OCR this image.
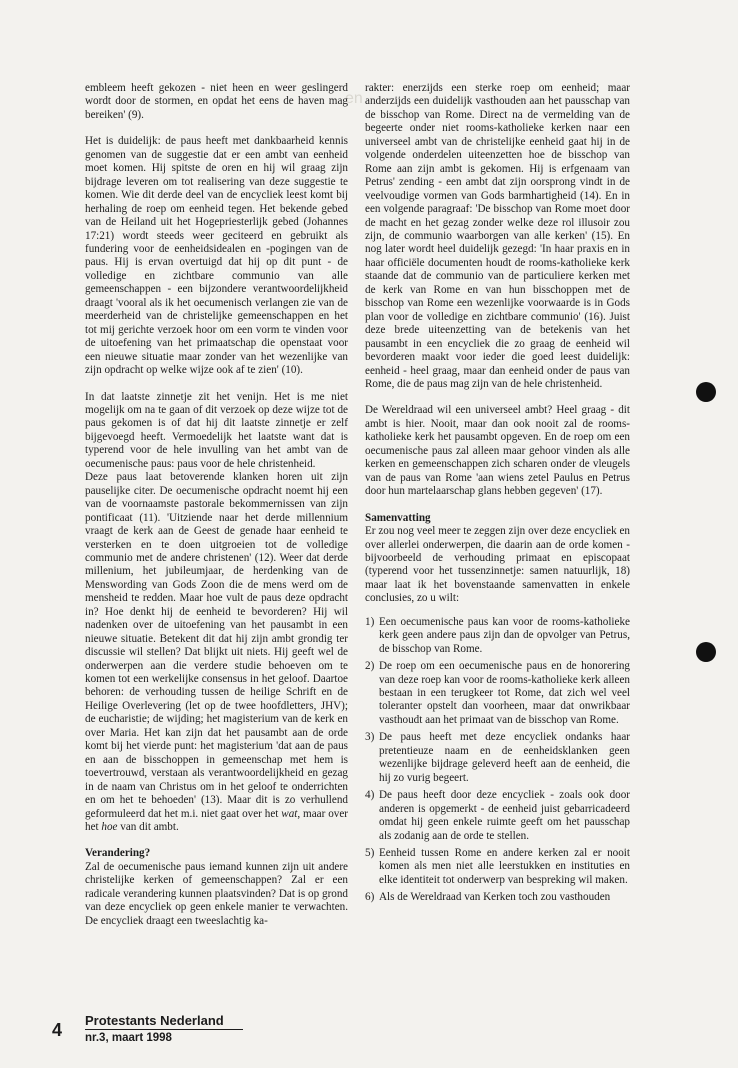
en

embleem heeft gekozen - niet heen en weer geslingerd wordt door de stormen, en opdat het eens de haven mag bereiken' (9).

Het is duidelijk: de paus heeft met dankbaarheid kennis genomen van de suggestie dat er een ambt van eenheid moet komen. Hij spitste de oren en hij wil graag zijn bijdrage leveren om tot realisering van deze suggestie te komen. Wie dit derde deel van de encycliek leest komt bij herhaling de roep om eenheid tegen. Het bekende gebed van de Heiland uit het Hogepriesterlijk gebed (Johannes 17:21) wordt steeds weer geciteerd en gebruikt als fundering voor de eenheidsidealen en -pogingen van de paus. Hij is ervan overtuigd dat hij op dit punt - de volledige en zichtbare communio van alle gemeenschappen - een bijzondere verantwoordelijkheid draagt 'vooral als ik het oecumenisch verlangen zie van de meerderheid van de christelijke gemeenschappen en het tot mij gerichte verzoek hoor om een vorm te vinden voor de uitoefening van het primaatschap die openstaat voor een nieuwe situatie maar zonder van het wezenlijke van zijn opdracht op welke wijze ook af te zien' (10).

In dat laatste zinnetje zit het venijn. Het is me niet mogelijk om na te gaan of dit verzoek op deze wijze tot de paus gekomen is of dat hij dit laatste zinnetje er zelf bijgevoegd heeft. Vermoedelijk het laatste want dat is typerend voor de hele invulling van het ambt van de oecumenische paus: paus voor de hele christenheid.

Deze paus laat betoverende klanken horen uit zijn pauselijke citer. De oecumenische opdracht noemt hij een van de voornaamste pastorale bekommernissen van zijn pontificaat (11). 'Uitziende naar het derde millennium vraagt de kerk aan de Geest de genade haar eenheid te versterken en te doen uitgroeien tot de volledige communio met de andere christenen' (12). Weer dat derde millenium, het jubileumjaar, de herdenking van de Menswording van Gods Zoon die de mens werd om de mensheid te redden. Maar hoe vult de paus deze opdracht in? Hoe denkt hij de eenheid te bevorderen? Hij wil nadenken over de uitoefening van het pausambt in een nieuwe situatie. Betekent dit dat hij zijn ambt grondig ter discussie wil stellen? Dat blijkt uit niets. Hij geeft wel de onderwerpen aan die verdere studie behoeven om te komen tot een werkelijke consensus in het geloof. Daartoe behoren: de verhouding tussen de heilige Schrift en de Heilige Overlevering (let op de twee hoofdletters, JHV); de eucharistie; de wijding; het magisterium van de kerk en over Maria. Het kan zijn dat het pausambt aan de orde komt bij het vierde punt: het magisterium 'dat aan de paus en aan de bisschoppen in gemeenschap met hem is toevertrouwd, verstaan als verantwoordelijkheid en gezag in de naam van Christus om in het geloof te onderrichten en om het te behoeden' (13). Maar dit is zo verhullend geformuleerd dat het m.i. niet gaat over het wat, maar over het hoe van dit ambt.

Verandering?

Zal de oecumenische paus iemand kunnen zijn uit andere christelijke kerken of gemeenschappen? Zal er een radicale verandering kunnen plaatsvinden? Dat is op grond van deze encycliek op geen enkele manier te verwachten. De encycliek draagt een tweeslachtig ka-

rakter: enerzijds een sterke roep om eenheid; maar anderzijds een duidelijk vasthouden aan het pausschap van de bisschop van Rome. Direct na de vermelding van de begeerte onder niet rooms-katholieke kerken naar een universeel ambt van de christelijke eenheid gaat hij in de volgende onderdelen uiteenzetten hoe de bisschop van Rome aan zijn ambt is gekomen. Hij is erfgenaam van Petrus' zending - een ambt dat zijn oorsprong vindt in de veelvoudige vormen van Gods barmhartigheid (14). En in een volgende paragraaf: 'De bisschop van Rome moet door de macht en het gezag zonder welke deze rol illusoir zou zijn, de communio waarborgen van alle kerken' (15). En nog later wordt heel duidelijk gezegd: 'In haar praxis en in haar officiële documenten houdt de rooms-katholieke kerk staande dat de communio van de particuliere kerken met de kerk van Rome en van hun bisschoppen met de bisschop van Rome een wezenlijke voorwaarde is in Gods plan voor de volledige en zichtbare communio' (16). Juist deze brede uiteenzetting van de betekenis van het pausambt in een encycliek die zo graag de eenheid wil bevorderen maakt voor ieder die goed leest duidelijk: eenheid - heel graag, maar dan eenheid onder de paus van Rome, die de paus mag zijn van de hele christenheid.

De Wereldraad wil een universeel ambt? Heel graag - dit ambt is hier. Nooit, maar dan ook nooit zal de rooms-katholieke kerk het pausambt opgeven. En de roep om een oecumenische paus zal alleen maar gehoor vinden als alle kerken en gemeenschappen zich scharen onder de vleugels van de paus van Rome 'aan wiens zetel Paulus en Petrus door hun martelaarschap glans hebben gegeven' (17).

Samenvatting

Er zou nog veel meer te zeggen zijn over deze encycliek en over allerlei onderwerpen, die daarin aan de orde komen - bijvoorbeeld de verhouding primaat en episcopaat (typerend voor het tussenzinnetje: samen natuurlijk, 18) maar laat ik het bovenstaande samenvatten in enkele conclusies, zo u wilt:

1) Een oecumenische paus kan voor de rooms-katholieke kerk geen andere paus zijn dan de opvolger van Petrus, de bisschop van Rome.
2) De roep om een oecumenische paus en de honorering van deze roep kan voor de rooms-katholieke kerk alleen bestaan in een terugkeer tot Rome, dat zich wel veel toleranter opstelt dan voorheen, maar dat onwrikbaar vasthoudt aan het primaat van de bisschop van Rome.
3) De paus heeft met deze encycliek ondanks haar pretentieuze naam en de eenheidsklanken geen wezenlijke bijdrage geleverd heeft aan de eenheid, die hij zo vurig begeert.
4) De paus heeft door deze encycliek - zoals ook door anderen is opgemerkt - de eenheid juist gebarricadeerd omdat hij geen enkele ruimte geeft om het pausschap als zodanig aan de orde te stellen.
5) Eenheid tussen Rome en andere kerken zal er nooit komen als men niet alle leerstukken en instituties en elke identiteit tot onderwerp van bespreking wil maken.
6) Als de Wereldraad van Kerken toch zou vasthouden
4 Protestants Nederland
nr.3, maart 1998
